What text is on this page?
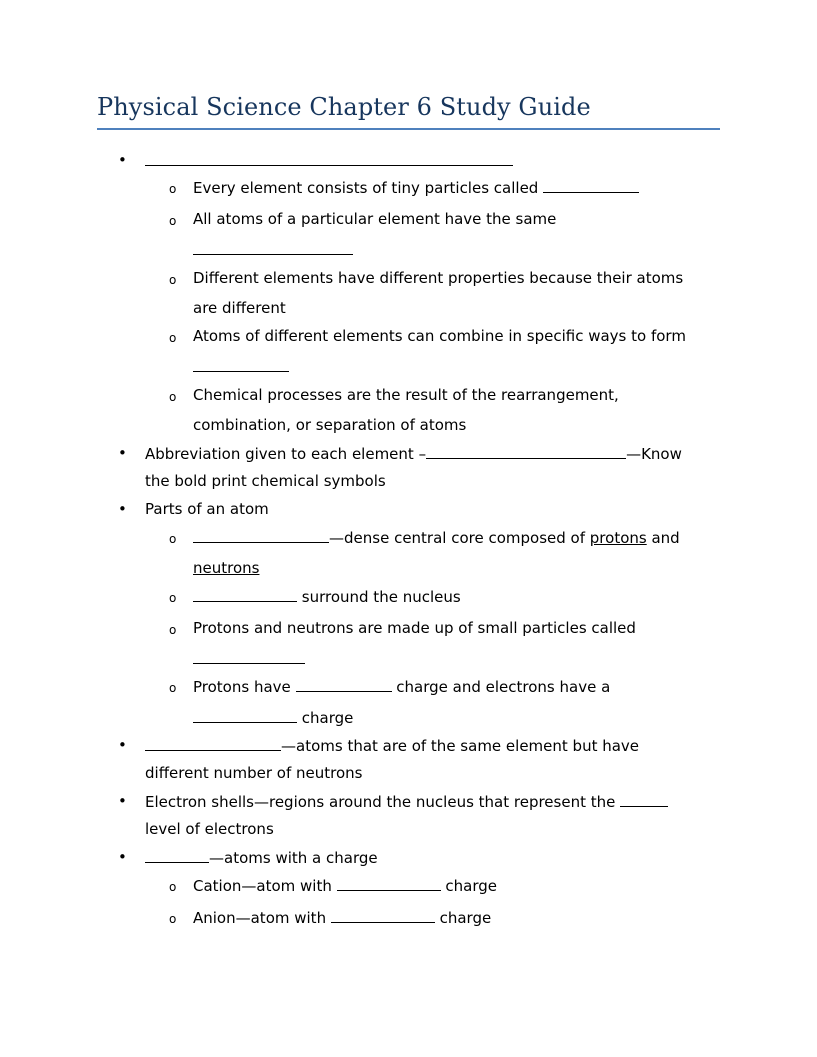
Physical Science Chapter 6 Study Guide
•
o Every element consists of tiny particles called
o All atoms of a particular element have the same
o Different elements have different properties because their atoms
are different
o Atoms of different elements can combine in specific ways to form
o Chemical processes are the result of the rearrangement,
combination, or separation of atoms
• Abbreviation given to each element –	—Know
the bold print chemical symbols
• Parts of an atom
o	—dense central core composed of protons and
neutrons
o	surround the nucleus
o Protons and neutrons are made up of small particles called
o Protons have	charge and electrons have a
charge
•	—atoms that are of the same element but have
different number of neutrons
• Electron shells—regions around the nucleus that represent the
level of electrons
•	—atoms with a charge
o Cation—atom with	charge
o Anion—atom with	charge
